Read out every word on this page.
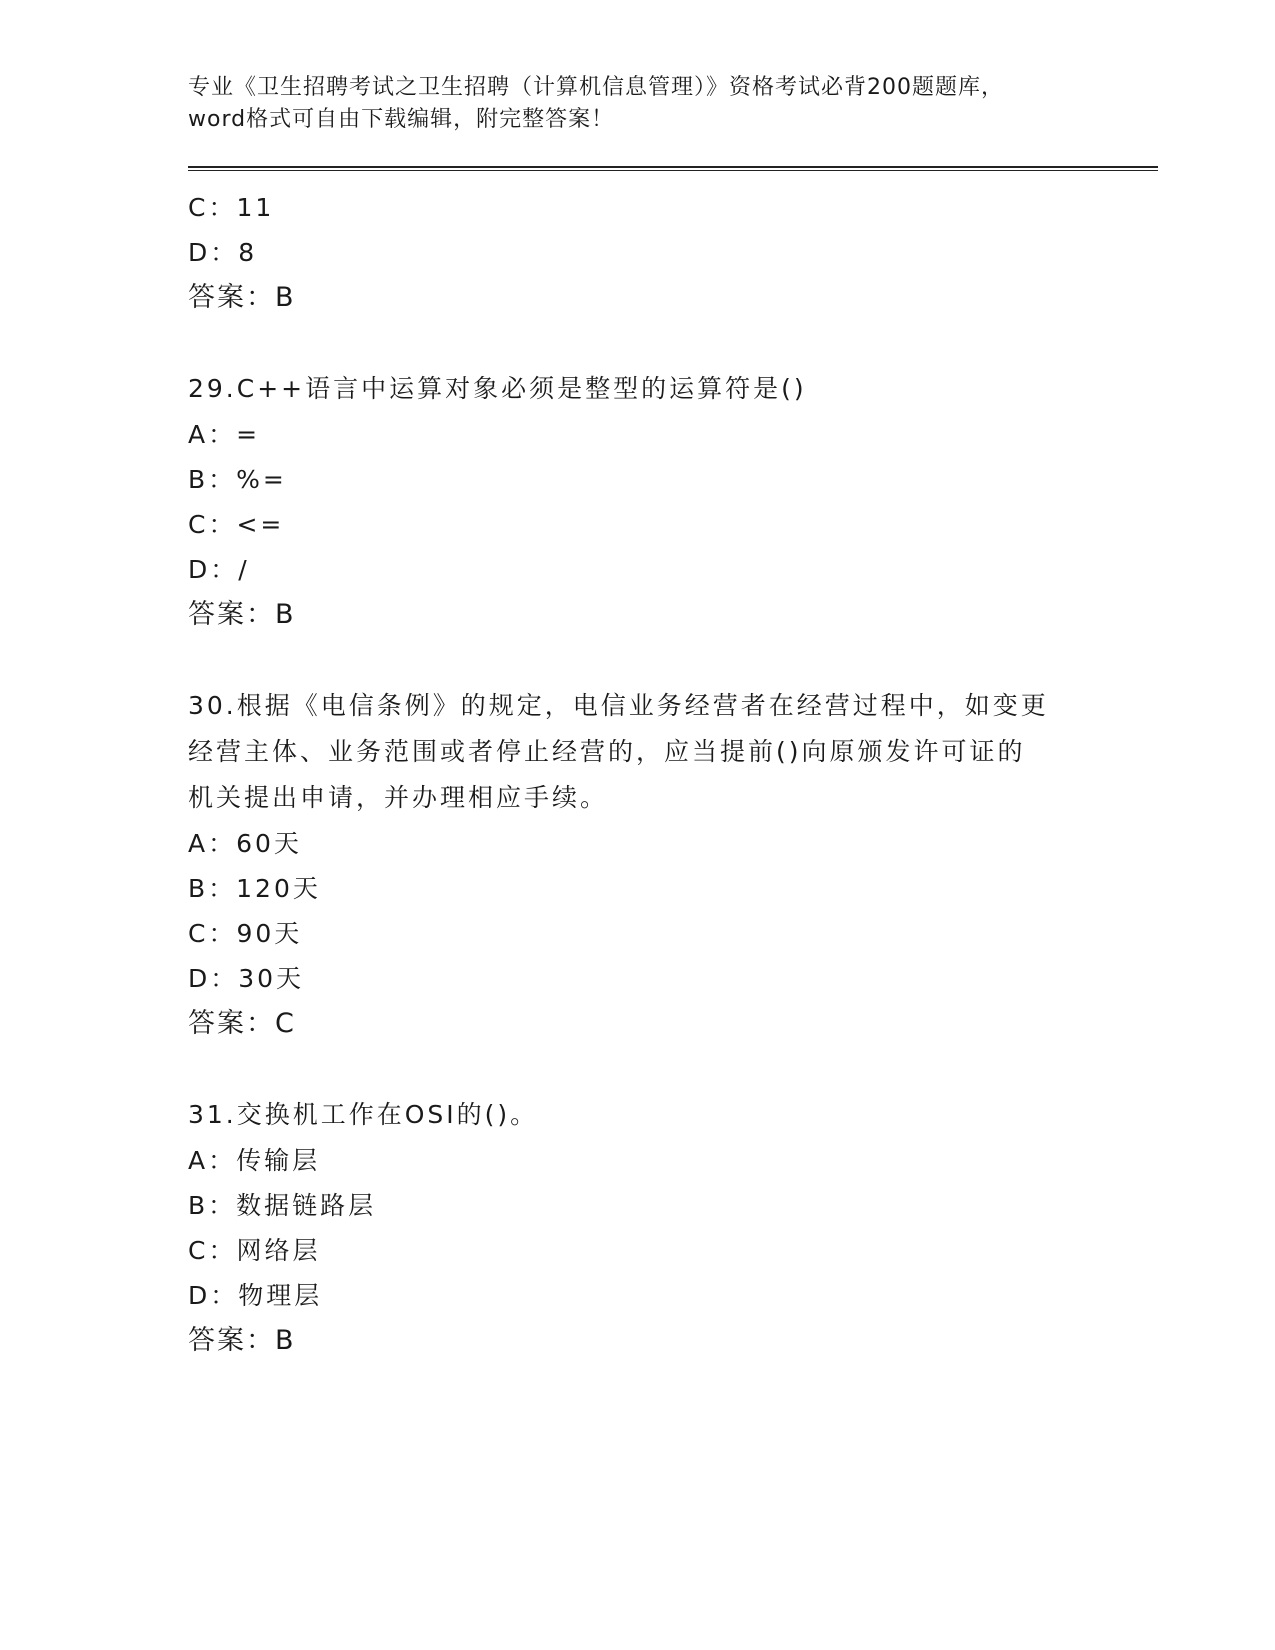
专业《卫生招聘考试之卫生招聘（计算机信息管理）》资格考试必背200题题库，
word格式可自由下载编辑，附完整答案！
C：11
D：8
答案：B
29.C++语言中运算对象必须是整型的运算符是()
A：=
B：%=
C：<=
D：/
答案：B
30.根据《电信条例》的规定，电信业务经营者在经营过程中，如变更
经营主体、业务范围或者停止经营的，应当提前()向原颁发许可证的
机关提出申请，并办理相应手续。
A：60天
B：120天
C：90天
D：30天
答案：C
31.交换机工作在OSI的()。
A：传输层
B：数据链路层
C：网络层
D：物理层
答案：B
